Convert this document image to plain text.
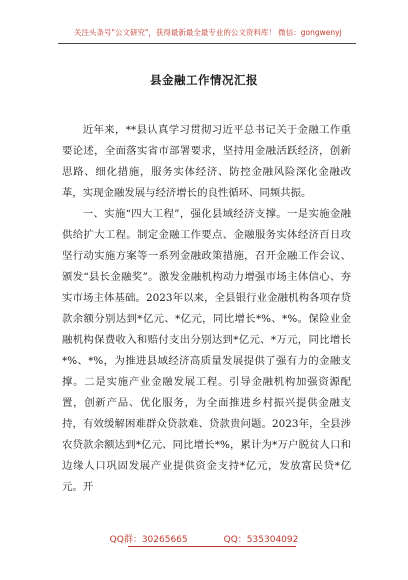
关注头条号"公文研究"，获得最新最全最专业的公文资料库！ 微信：gongwenyj
县金融工作情况汇报

近年来，**县认真学习贯彻习近平总书记关于金融工作重要论述，全面落实省市部署要求，坚持用金融活跃经济，创新思路、细化措施，服务实体经济、防控金融风险深化金融改革，实现金融发展与经济增长的良性循环、同频共振。

一、实施“四大工程”，强化县域经济支撑。一是实施金融供给扩大工程。制定金融工作要点、金融服务实体经济百日攻坚行动实施方案等一系列金融政策措施，召开金融工作会议、颁发“县长金融奖”。激发金融机构动力增强市场主体信心、夯实市场主体基础。2023年以来，全县银行业金融机构各项存贷款余额分别达到*亿元、*亿元，同比增长*%、*%。保险业金融机构保费收入和赔付支出分别达到*亿元、*万元，同比增长*%、*%，为推进县域经济高质量发展提供了强有力的金融支撑。二是实施产业金融发展工程。引导金融机构加强资源配置，创新产品、优化服务，为全面推进乡村振兴提供金融支持，有效缓解困难群众贷款难、贷款贵问题。2023年，全县涉农贷款余额达到*亿元、同比增长*%，累计为*万户脱贫人口和边缘人口巩固发展产业提供资金支持*亿元，发放富民贷*亿元。开

QQ群：30265665	QQ：535304092
